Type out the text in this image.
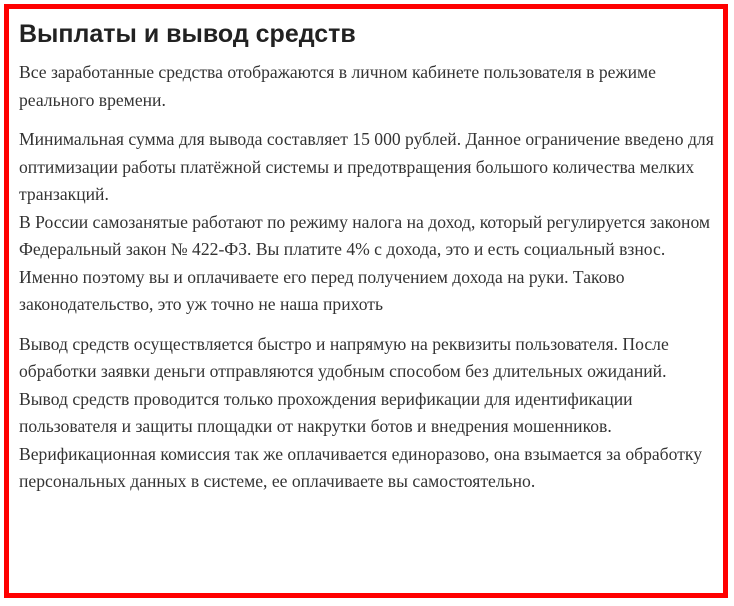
Выплаты и вывод средств

Все заработанные средства отображаются в личном кабинете пользователя в режиме реального времени.

Минимальная сумма для вывода составляет 15 000 рублей. Данное ограничение введено для оптимизации работы платёжной системы и предотвращения большого количества мелких транзакций.

В России самозанятые работают по режиму налога на доход, который регулируется законом Федеральный закон № 422-ФЗ. Вы платите 4% с дохода, это и есть социальный взнос. Именно поэтому вы и оплачиваете его перед получением дохода на руки. Таково законодательство, это уж точно не наша прихоть

Вывод средств осуществляется быстро и напрямую на реквизиты пользователя. После обработки заявки деньги отправляются удобным способом без длительных ожиданий.

Вывод средств проводится только прохождения верификации для идентификации пользователя и защиты площадки от накрутки ботов и внедрения мошенников. Верификационная комиссия так же оплачивается единоразово, она взымается за обработку персональных данных в системе, ее оплачиваете вы самостоятельно.
